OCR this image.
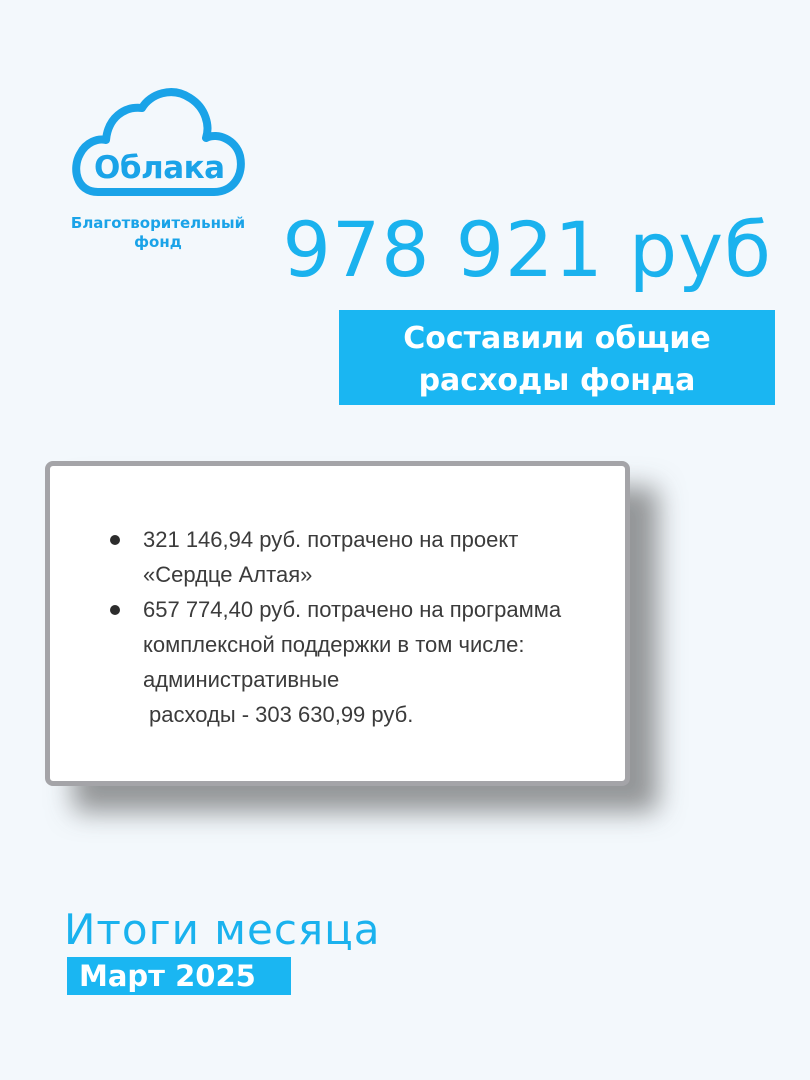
Облака
Благотворительный
фонд	978 921 руб
Составили общие
расходы фонда
321 146,94 руб. потрачено на проект «Сердце Алтая»
657 774,40 руб. потрачено на программа комплексной поддержки в том числе: административные
расходы - 303 630,99 руб.
Итоги месяца
Март 2025
